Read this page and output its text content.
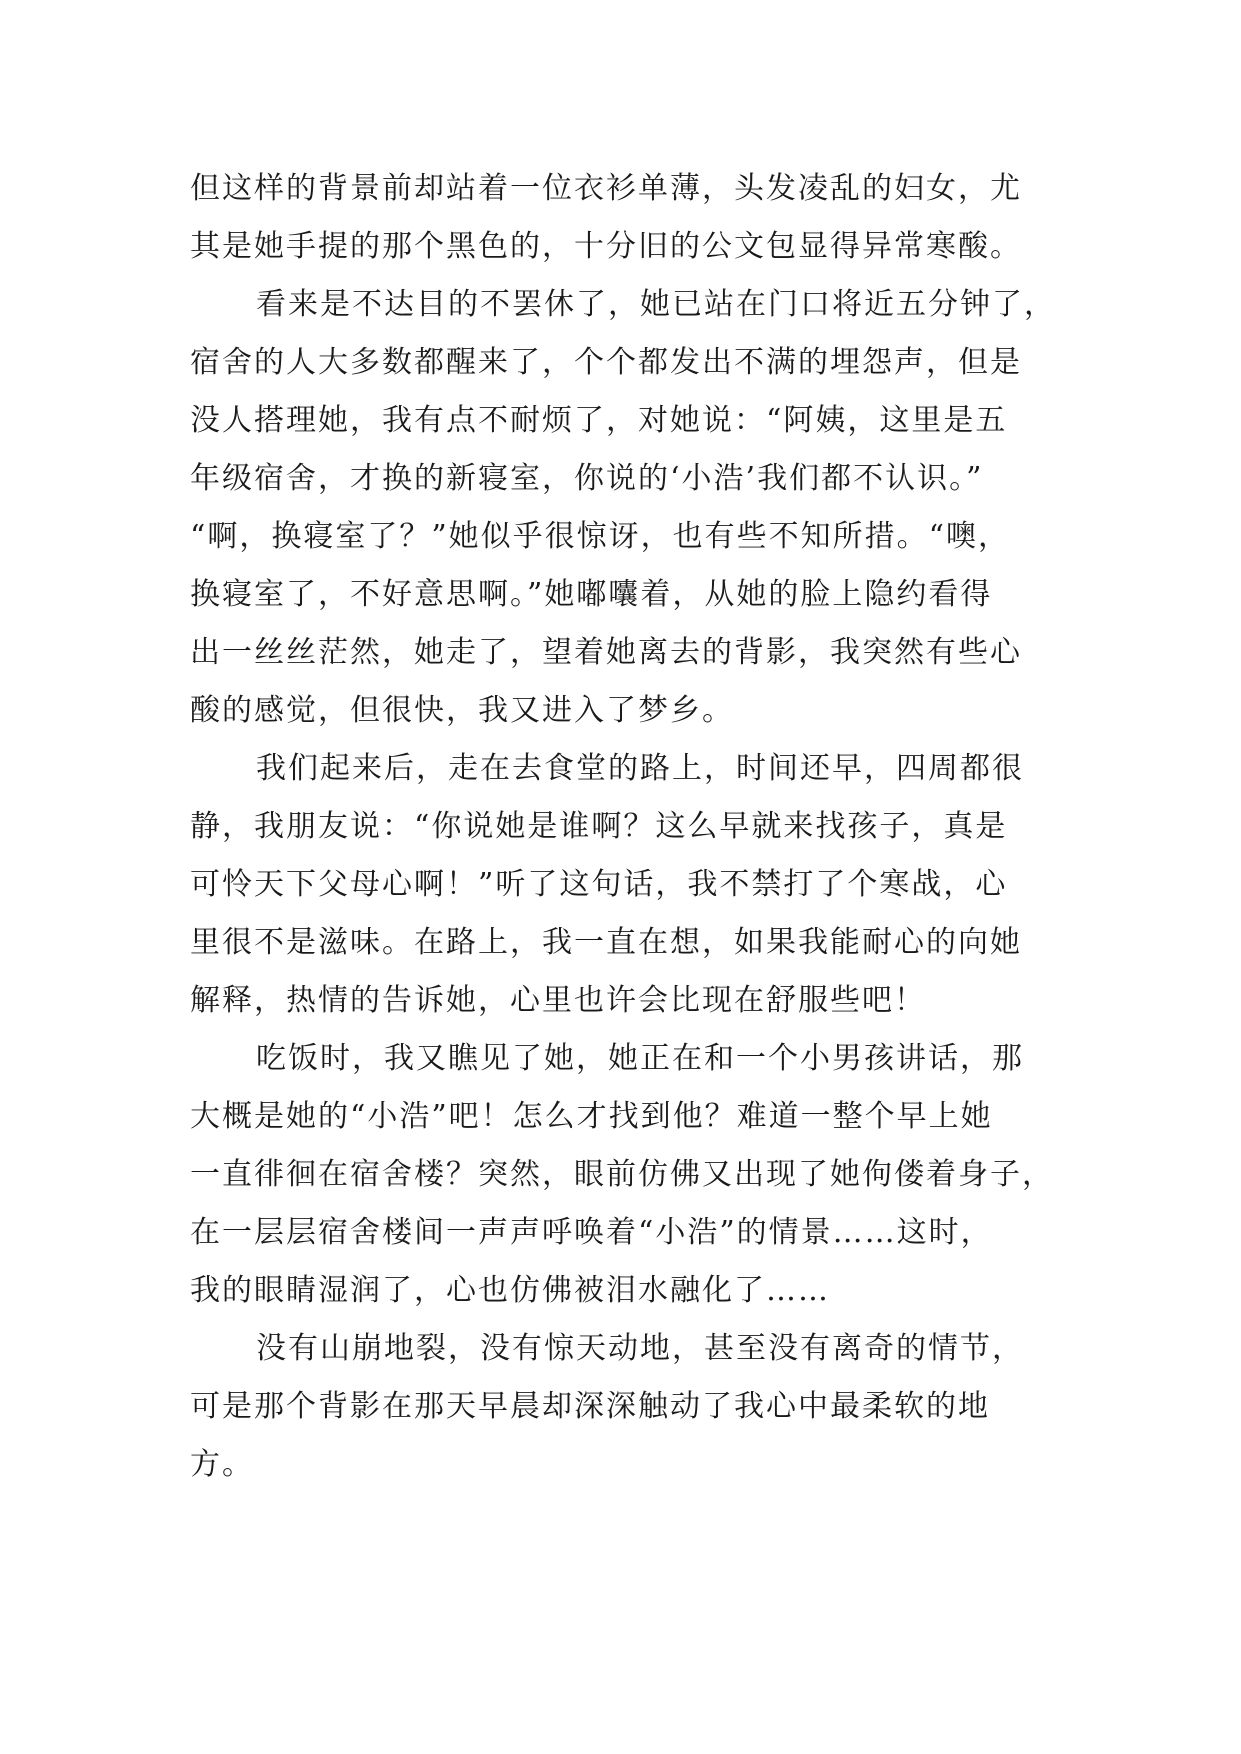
但这样的背景前却站着一位衣衫单薄，头发凌乱的妇女，尤
其是她手提的那个黑色的，十分旧的公文包显得异常寒酸。
看来是不达目的不罢休了，她已站在门口将近五分钟了，
宿舍的人大多数都醒来了，个个都发出不满的埋怨声，但是
没人搭理她，我有点不耐烦了，对她说：“阿姨，这里是五
年级宿舍，才换的新寝室，你说的‘小浩’我们都不认识。”
“啊，换寝室了？”她似乎很惊讶，也有些不知所措。“噢，
换寝室了，不好意思啊。”她嘟囔着，从她的脸上隐约看得
出一丝丝茫然，她走了，望着她离去的背影，我突然有些心
酸的感觉，但很快，我又进入了梦乡。
我们起来后，走在去食堂的路上，时间还早，四周都很
静，我朋友说：“你说她是谁啊？这么早就来找孩子，真是
可怜天下父母心啊！”听了这句话，我不禁打了个寒战，心
里很不是滋味。在路上，我一直在想，如果我能耐心的向她
解释，热情的告诉她，心里也许会比现在舒服些吧！
吃饭时，我又瞧见了她，她正在和一个小男孩讲话，那
大概是她的“小浩”吧！怎么才找到他？难道一整个早上她
一直徘徊在宿舍楼？突然，眼前仿佛又出现了她佝偻着身子，
在一层层宿舍楼间一声声呼唤着“小浩”的情景……这时，
我的眼睛湿润了，心也仿佛被泪水融化了……
没有山崩地裂，没有惊天动地，甚至没有离奇的情节，
可是那个背影在那天早晨却深深触动了我心中最柔软的地
方。
